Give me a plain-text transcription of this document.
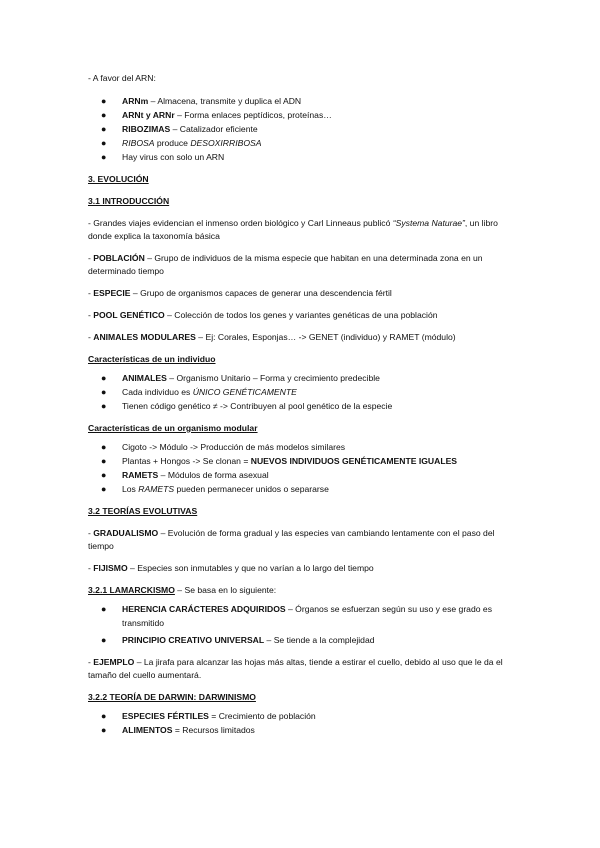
- A favor del ARN:

● ARNm – Almacena, transmite y duplica el ADN
● ARNt y ARNr – Forma enlaces peptídicos, proteínas…
● RIBOZIMAS – Catalizador eficiente
● RIBOSA produce DESOXIRRIBOSA
● Hay virus con solo un ARN

3. EVOLUCIÓN

3.1 INTRODUCCIÓN

- Grandes viajes evidencian el inmenso orden biológico y Carl Linneaus publicó “Systema Naturae”, un libro donde explica la taxonomía básica

- POBLACIÓN – Grupo de individuos de la misma especie que habitan en una determinada zona en un determinado tiempo

- ESPECIE – Grupo de organismos capaces de generar una descendencia fértil

- POOL GENÉTICO – Colección de todos los genes y variantes genéticas de una población

- ANIMALES MODULARES – Ej: Corales, Esponjas… -> GENET (individuo) y RAMET (módulo)

Características de un individuo

● ANIMALES – Organismo Unitario – Forma y crecimiento predecible
● Cada individuo es ÚNICO GENÉTICAMENTE
● Tienen código genético ≠ -> Contribuyen al pool genético de la especie

Características de un organismo modular

● Cigoto -> Módulo -> Producción de más modelos similares
● Plantas + Hongos -> Se clonan = NUEVOS INDIVIDUOS GENÉTICAMENTE IGUALES
● RAMETS – Módulos de forma asexual
● Los RAMETS pueden permanecer unidos o separarse

3.2 TEORÍAS EVOLUTIVAS

- GRADUALISMO – Evolución de forma gradual y las especies van cambiando lentamente con el paso del tiempo

- FIJISMO – Especies son inmutables y que no varían a lo largo del tiempo

3.2.1 LAMARCKISMO – Se basa en lo siguiente:

● HERENCIA CARÁCTERES ADQUIRIDOS – Órganos se esfuerzan según su uso y ese grado es transmitido
● PRINCIPIO CREATIVO UNIVERSAL – Se tiende a la complejidad

- EJEMPLO – La jirafa para alcanzar las hojas más altas, tiende a estirar el cuello, debido al uso que le da el tamaño del cuello aumentará.

3.2.2 TEORÍA DE DARWIN: DARWINISMO

● ESPECIES FÉRTILES = Crecimiento de población
● ALIMENTOS = Recursos limitados
